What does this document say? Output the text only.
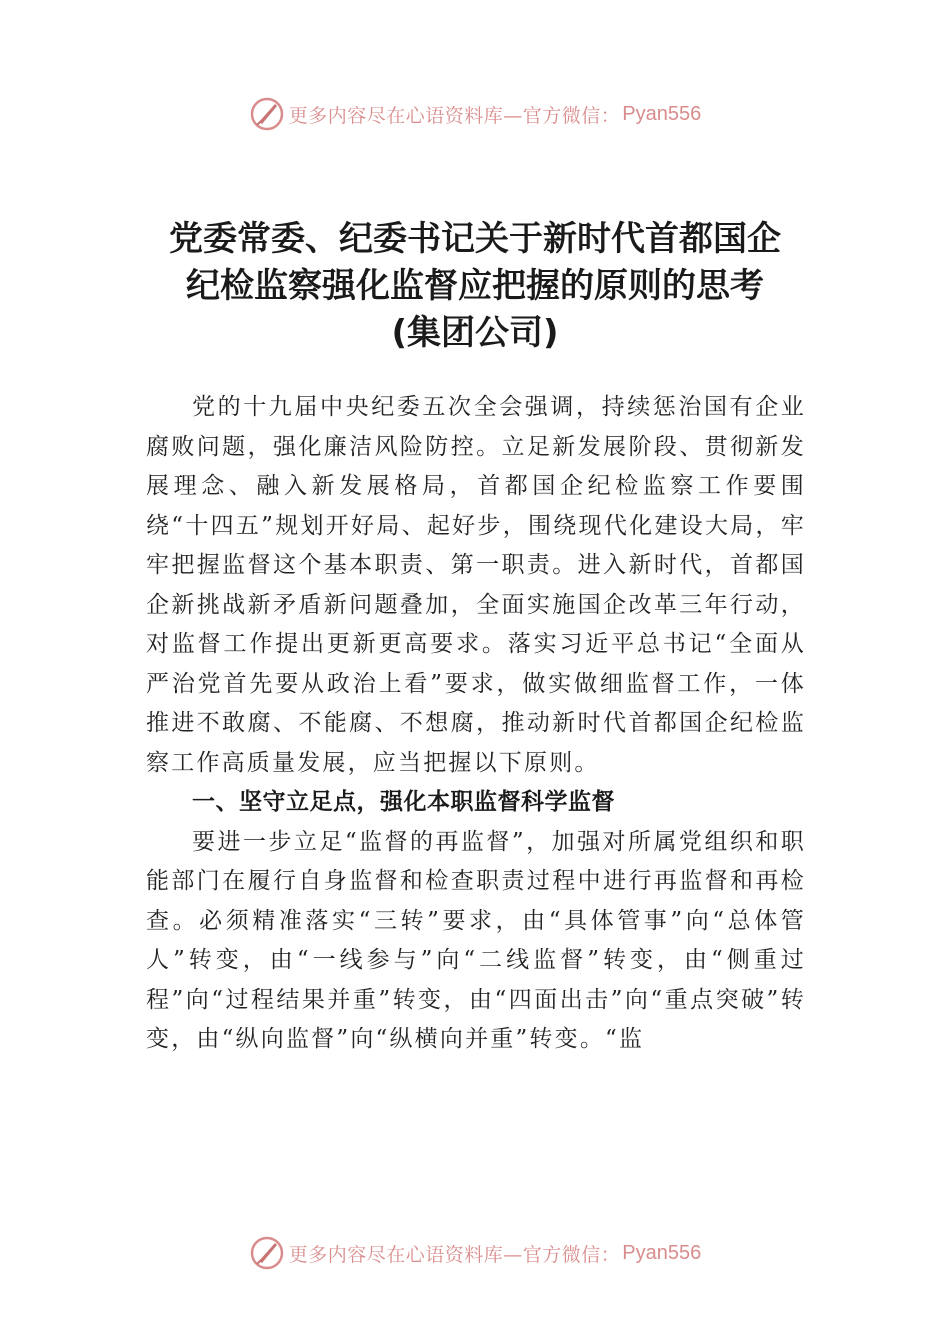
更多内容尽在心语资料库—官方微信： Pyan556
党委常委、纪委书记关于新时代首都国企
纪检监察强化监督应把握的原则的思考
(集团公司)

党的十九届中央纪委五次全会强调，持续惩治国有企业腐败问题，强化廉洁风险防控。立足新发展阶段、贯彻新发展理念、融入新发展格局，首都国企纪检监察工作要围绕“十四五”规划开好局、起好步，围绕现代化建设大局，牢牢把握监督这个基本职责、第一职责。进入新时代，首都国企新挑战新矛盾新问题叠加，全面实施国企改革三年行动，对监督工作提出更新更高要求。落实习近平总书记“全面从严治党首先要从政治上看”要求，做实做细监督工作，一体推进不敢腐、不能腐、不想腐，推动新时代首都国企纪检监察工作高质量发展，应当把握以下原则。

一、坚守立足点，强化本职监督科学监督

要进一步立足“监督的再监督”，加强对所属党组织和职能部门在履行自身监督和检查职责过程中进行再监督和再检查。必须精准落实“三转”要求，由“具体管事”向“总体管人”转变，由“一线参与”向“二线监督”转变，由“侧重过程”向“过程结果并重”转变，由“四面出击”向“重点突破”转变，由“纵向监督”向“纵横向并重”转变。“监

更多内容尽在心语资料库—官方微信： Pyan556
